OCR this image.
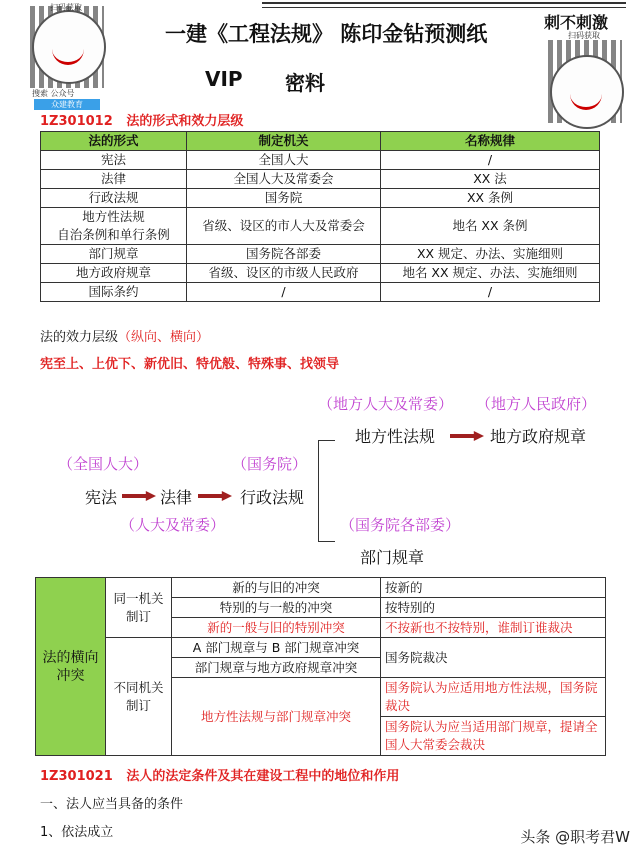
扫码获取
搜索 公众号
众建教育
刺不刺激
扫码获取
一建《工程法规》 陈印金钻预测纸
VIP 密料
1Z301012 法的形式和效力层级
法的形式	制定机关	名称规律
宪法	全国人大	/
法律	全国人大及常委会	XX 法
行政法规	国务院	XX 条例
地方性法规
自治条例和单行条例	省级、设区的市人大及常委会	地名 XX 条例
部门规章	国务院各部委	XX 规定、办法、实施细则
地方政府规章	省级、设区的市级人民政府	地名 XX 规定、办法、实施细则
国际条约	/	/
法的效力层级（纵向、横向）
宪至上、上优下、新优旧、特优般、特殊事、找领导
（地方人大及常委） （地方人民政府）
地方性法规	地方政府规章
（全国人大）	（国务院）
宪法	法律	行政法规
（人大及常委）	（国务院各部委）
部门规章
法的横向冲突	同一机关制订	新的与旧的冲突	按新的
		特别的与一般的冲突	按特别的
		新的一般与旧的特别冲突	不按新也不按特别，谁制订谁裁决
	不同机关制订	A 部门规章与 B 部门规章冲突	国务院裁决
		部门规章与地方政府规章冲突	
		地方性法规与部门规章冲突	国务院认为应适用地方性法规，国务院裁决
			国务院认为应当适用部门规章，提请全国人大常委会裁决
1Z301021 法人的法定条件及其在建设工程中的地位和作用
一、法人应当具备的条件
1、依法成立	头条 @职考君W
